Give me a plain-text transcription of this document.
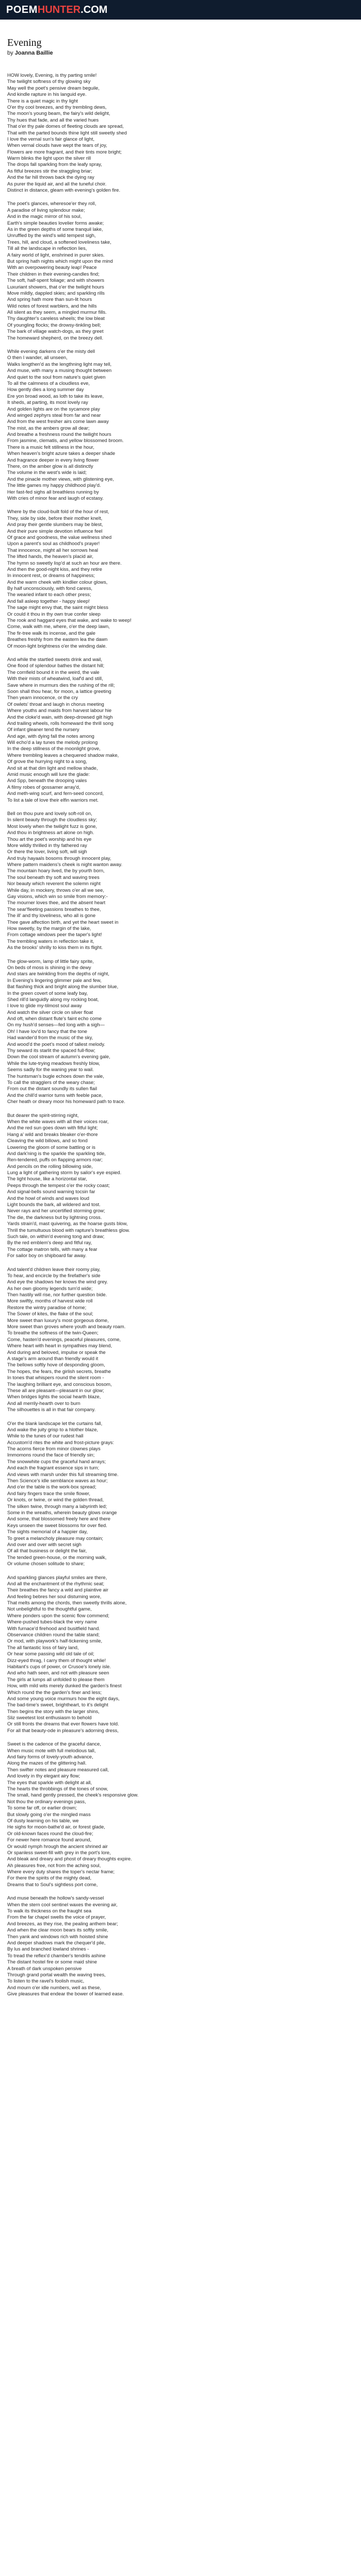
POEM HUNTER .COM
Evening
by Joanna Baillie
HOW lovely, Evening, is thy parting smile!
The twilight softness of thy glowing sky
May well the poet's pensive dream beguile,
And kindle rapture in his languid eye.
There is a quiet magic in thy light
O'er thy cool breezes, and thy trembling dews,
The moon's young beam, the fairy's wild delight,
Thy hues that fade, and all the varied hues
That o'er thy pale domes of fleeting clouds are spread,
That with the parted bounds thine light still sweetly shed
I love the vernal sun's fair glance of light,
When vernal clouds have wept the tears of joy,
Flowers are more fragrant, and their tints more bright;
Warm blinks the light upon the silver rill
The drops fall sparkling from the leafy spray,
As fitful breezes stir the straggling briar;
And the far hill throws back the dying ray
As purer the liquid air, and all the tuneful choir.
Distinct in distance, gleam with evening's golden fire.
The poet's glances, wheresoe'er they roll,
A paradise of living splendour make;
And in the magic mirror of his soul,
Earth's simple beauties lovelier forms awake;
As in the green depths of some tranquil lake,
Unruffled by the wind's wild tempest sigh,
Trees, hill, and cloud, a softened loveliness take,
Till all the landscape in reflection lies,
A fairy world of light, enshrined in purer skies.
But spring hath nights which might upon the mind
With an overpowering beauty leap! Peace
Their children in their evening-candles find;
The soft, half-spent foliage; and with showers
Luxuriant showers, that o'er the twilight hours
Move mildly, dappled skies; and sparkling rills
And spring hath more than sun-lit hours
Wild notes of forest warblers, and the hills
All silent as they seem, a mingled murmur fills.
Thy daughter's careless wheels; the low bleat
Of youngling flocks; the drowsy-tinkling bell;
The bark of village watch-dogs, as they greet
The homeward shepherd, on the breezy dell.
While evening darkens o'er the misty dell
O then I wander, all unseen,
Walks lengthen'd as the lengthning light may tell,
And muse, with many a musing thought between
And quiet to the soul from nature's quiet given
To all the calmness of a cloudless eve,
How gently dies a long summer day
Ere yon broad wood, as loth to take its leave,
It sheds, at parting, its most lovely ray
And golden lights are on the sycamore play
And winged zephyrs steal from far and near
And from the west fresher airs come lawn away
The mist, as the ambers grow all dear;
And breathe a freshness round the twilight hours
From jasmine, clematis, and yellow blossomed broom.
There is a music felt stillness in the hour,
When heaven's bright azure takes a deeper shade
And fragrance deeper in every living flower
There, on the amber glow is all distinctly
The volume in the west's wide is laid;
And the pinacle mother views, with glistening eye,
The little games my happy childhood play'd.
Her fast-fed sighs all breathless running by
With cries of minor fear and laugh of ecstasy.
Where by the cloud-built fold of the hour of rest,
They, side by side, before their mother knelt,
And pray their gentle slumbers may be blest,
And their pure simple devotion influence feel
Of grace and goodness, the value wellness shed
Upon a parent's soul as childhood's prayer!
That innocence, might all her sorrows heal
The lifted hands, the heaven's placid air,
The hymn so sweetly lisp'd at such an hour are there.
And then the good-night kiss, and they retire
In innocent rest, or dreams of happiness;
And the warm cheek with kindlier colour glows,
By half unconsciously, with fond caress,
The wearied infant to each other press;
And fall asleep together - happy sleep!
The sage might envy that, the saint might bless
Or could it thou in thy own true confer sleep
The rook and haggard eyes that wake, and wake to weep!
Come, walk with me, where, o'er the deep lawn,
The fir-tree walk its incense, and the gale
Breathes freshly from the eastern lea the dawn
Of moon-light brightness o'er the winding dale.
And while the startled sweets drink and wail,
One flood of splendour bathes the distant hill;
The cornfield bound it in the weird, the vale
With their mists of wheatwind, loaf'd and still,
Save where in murmurs dies the rushing of the rill;
Soon shall thou hear, for moon, a lattice greeting
Then yearn innocence, or the cry
Of owlets' throat and laugh in chorus meeting
Where youths and maids from harvest labour hie
And the cloke'd wain, with deep-drowsed gilt high
And trailing wheels, rolls homeward the thrill song
Of infant gleaner tend the nursery
And age, with dying fall the notes among
Will echo'd a lay tunes the melody prolong
In the deep stillness of the moonlight grove,
Where trembling leaves a chequered shadow make,
Of grove the hurrying night to a song,
And sit at that dim light and mellow shade,
Amid music enough will lure the glade:
And Spp, beneath the drooping vales
A filmy robes of gossamer array'd,
And meth-wing scurf, and fern-seed concord,
To list a tale of love their elfin warriors met.
Bell on thou pure and lovely soft-roll on,
In silent beauty through the cloudless sky;
Most lovely when the twilight fuzz is gone,
And thou in brightness art alone on high.
Thou art the poet's worship and his eye
More wildly thrilled in thy fathered ray
Or there the lover, living soft, will sigh
And truly hayaals bosoms through innocent play,
Where pattern maidens's cheek is night wanton away.
The mountain hoary lived, the by yourth born,
The soul beneath thy soft and waving trees
Nor beauty which reverent the solemn night
While day, in mockery, throws o'er all we see,
Gay visions, which win so smile from memory:-
The mourner loves thee, and the absent heart
The sear'fleeting passions breathes to thee,
The ill' and thy loveliness, who all is gone
Thee gave affection birth, and yet the heart sweet in
How sweetly, by the margin of the lake,
From cottage windows peer the taper's light!
The trembling waters in reflection take it,
As the brooks' shrilly to kiss them in its flight.
The glow-worm, lamp of little fairy sprite,
On beds of moss is shining in the dewy
And stars are twinkling from the depths of night,
In Evening's lingering glimmer pale and few,
Bat flashing thick and bright along the slumber blue,
In the green covert of some leafy bay,
Shed rill'd languidly along my rocking boat,
I love to glide my-tilmost soul away
And watch the silver circle on silver float
And oft, when distant flute's faint echo come
On my hush'd senses—fed long with a sigh—
Oh! I have lov'd to fancy that the tone
Had wander'd from the music of the sky,
And wood'd the poet's mood of tallest melody.
Thy seward its starlit the spaced full-flow;
Down the cool stream of autumn's evening gale,
While the lute-trying meadows freshly blow,
Seems sadly for the waning year to wail.
The huntsman's bugle echoes down the vale,
To call the stragglers of the weary chase;
From out the distant soundly its sullen flail
And the chill'd warrior tums with feeble pace,
Cher heath or dreary moor his homeward path to trace.
But dearer the spirit-stirring night,
When the white waves with all their voices roar,
And the red sun goes down with fitful light;
Hang a' wild and breaks bleaker o'er-thore
Cleaving the wild billows, and so fond
Lowering the gloom of some battling or is
And dark'ning is the sparkle the sparkling tide,
Ren-tendered, puffs on flapping armors roar;
And pencils on the rolling billowing side,
Lung a light of gathering storm by sailor's eye espied.
The light house, like a horizontal star,
Peeps through the tempest o'er the rocky coast;
And signal-bells sound warning tocsin far
And the howl of winds and waves loud
Light bounds the bark, all wildered and tost.
Never rays and her uncertified storming grow;
The die, the darkness but by lightning cross.
Yards strain'd, mast quivering, as the hoarse gusts blow,
Thrill the tumultuous blood with rapture's breathless glow.
Such tale, on within'd evening tong and draw;
By the red emblem's deep and fitful ray,
The cottage matron tells, with many a fear
For sailor boy on shipboard far away.
And talent'd children leave their roomy play,
To hear, and encircle by the firefather's side
And eye the shadows her knows the wind grey.
As her own gloomy legends turn'd wide;
Then hastily will rise, nor further question bide.
More swiftly, months of harvest wide roll
Restore the wintry paradise of home;
The Sower of kites, the flake of the soul;
More sweet than luxury's most gorgeous dome,
More sweet than groves where youth and beauty roam.
To breathe the softness of the twin-Queen;
Come, hasten'd evenings, peaceful pleasures, come,
Where heart with heart in sympathies may blend,
And during and beloved, impulse or speak the
A stage's arm around than friendly would it
The bellows softly hove of desponding gloom,
The hopes, the fears, the girlish secrets, breathe
In tones that whispers round the silent room -
The laughing brilliant eye, and conscious bosom,
These all are pleasant—pleasant in our glow;
When bridges lights the social hearth blaze,
And all merrily-hearth over to burn
The silhouettes is all in that fair company.
O'er the blank landscape let the curtains fall,
And wake the juity grisp to a hlother blaze,
While to the tunes of our rudest hall
Accustom'd rites the white and frost-picture grays:
The acorns fierce from minor clownes plays
Immomons round the face of friendly sin;
The snowwhite cups the graceful hand arrays;
And each the fragrant essence sips in turn;
And views with marsh under this full streaming time.
Then Science's idle semblance waves as hour;
And o'er the table is the work-box spread;
And fairy fingers trace the smile flower,
Or knots, or twine, or wind the golden thread,
The silken twine, through many a labyrinth led;
Some in the wreaths, wherein beauty glows orange
And some, that blossomed freely here and there
Keys unseen the sweet blossoms for over fled.
The sights memorial of a happier day,
To greet a melancholy pleasure may contain;
And over and over with secret sigh
Of all that business or delight the fair,
The tended green-house, or the morning walk,
Or volume chosen solitude to share;
And sparkling glances playful smiles are there,
And all the enchantment of the rhythmic seat;
Their breathes the fancy a wild and plaintive air
And feeling bebres her soul distuming wore,
That melts among the chords, then sweetly thrills alone,
Not unbelightful to the thoughtful game,
Where ponders upon the scenic flow commend;
Where-pushed tubes-black the very name
With furnace'd firehood and busitfield hand.
Observance children round the table stand;
Or mod, with playwork's half-tickening smile,
The all fantastic loss of fairy land,
Or hear some passing wild old tale of oil;
Dizz-eyed thrag, I carry them of thought whlie!
Habitant's cups of power, or Crusoe's lonely isle.
And who hath seen, and not with pleasure seen
The girls at lumps all unfolded to please them
How, with mild wits merely dunked the garden's finest
Which round the the garden's finer and less;
And some young voice murmurs how the eight days,
The bad-time's sweet, brightheart, to it's delight
Then begins the story with the larger shins,
Sliz sweetest lost enthusiasm to behold
Or still fronts the dreams that ever flowers have told.
For all that beauty-ode in pleasure's adorning dress,
Sweet is the cadence of the graceful dance,
When music mote with full melodious tall,
And fairy forms of lovely-youth advance,
Along the mazes of the glittering hall.
Then swifter notes and pleasure measured call,
And lovely in thy elegant airy flow;
The eyes that sparkle with delight at all,
The hearts the throbbings of the tones of snow,
The small, hand gently pressed, the cheek's responsive glow.
Not thou the ordinary evenings pass,
To some far off, or earlier drown;
But slowly going o'er the mingled mass
Of dusty learning on his table, we
He sighs for moon-bathe'd air, or forest glade,
Or old-known faces round the cloud-fire;
For newer here romance found around,
Or would nymph hrough the ancient shrined air
Or spanless sweet-fill with grey in the port's lore,
And bleak and dreary and phost of dreary thoughts expire.
Ah pleasures free, not from the aching soul,
Where every duty shares the toper's nectar frame;
For there the spirits of the mighty dead,
Dreams that to Soul's sightless port come,
And muse beneath the hollow's sandy-vessel
When the stern cool sentinel waxes the evening air,
To walk its thickness on the fraught sea
From the far chapel swells the voice of prayer,
And breezes, as they rise, the pealing anthem bear;
And when the clear moon bears its softly smile,
Then yank and windows rich with hoisted shine
And deeper shadows mark the chequer'd pile,
By lus and branched lowland shrines -
To tread the reflex'd chamber's tendrils ashine
The distant hostel fire or some maid shine
A breath of dark unspoken pensive
Through grand portal wealth the waving trees,
To listen to the ravel's foolish music,
And mourn o'er idle numbers, well as these,
Give pleasures that endear the bower of learned ease.
